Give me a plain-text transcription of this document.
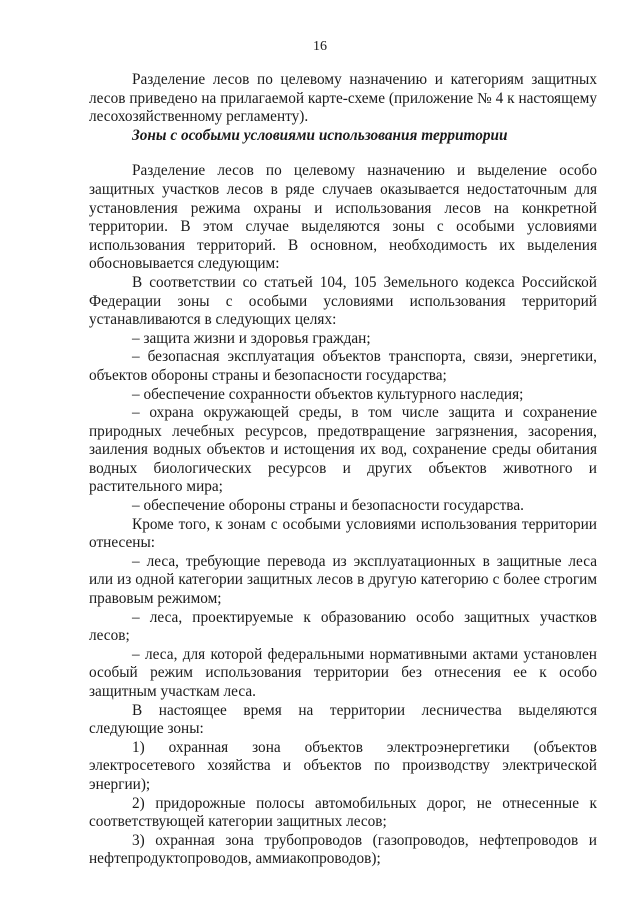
16

Разделение лесов по целевому назначению и категориям защитных лесов приведено на прилагаемой карте-схеме (приложение № 4 к настоящему лесохозяйственному регламенту).

Зоны с особыми условиями использования территории

Разделение лесов по целевому назначению и выделение особо защитных участков лесов в ряде случаев оказывается недостаточным для установления режима охраны и использования лесов на конкретной территории. В этом случае выделяются зоны с особыми условиями использования территорий. В основном, необходимость их выделения обосновывается следующим:

В соответствии со статьей 104, 105 Земельного кодекса Российской Федерации зоны с особыми условиями использования территорий устанавливаются в следующих целях:

– защита жизни и здоровья граждан;

– безопасная эксплуатация объектов транспорта, связи, энергетики, объектов обороны страны и безопасности государства;

– обеспечение сохранности объектов культурного наследия;

– охрана окружающей среды, в том числе защита и сохранение природных лечебных ресурсов, предотвращение загрязнения, засорения, заиления водных объектов и истощения их вод, сохранение среды обитания водных биологических ресурсов и других объектов животного и растительного мира;

– обеспечение обороны страны и безопасности государства.

Кроме того, к зонам с особыми условиями использования территории отнесены:

– леса, требующие перевода из эксплуатационных в защитные леса или из одной категории защитных лесов в другую категорию с более строгим правовым режимом;

– леса, проектируемые к образованию особо защитных участков лесов;

– леса, для которой федеральными нормативными актами установлен особый режим использования территории без отнесения ее к особо защитным участкам леса.

В настоящее время на территории лесничества выделяются следующие зоны:

1) охранная зона объектов электроэнергетики (объектов электросетевого хозяйства и объектов по производству электрической энергии);

2) придорожные полосы автомобильных дорог, не отнесенные к соответствующей категории защитных лесов;

3) охранная зона трубопроводов (газопроводов, нефтепроводов и нефтепродуктопроводов, аммиакопроводов);
